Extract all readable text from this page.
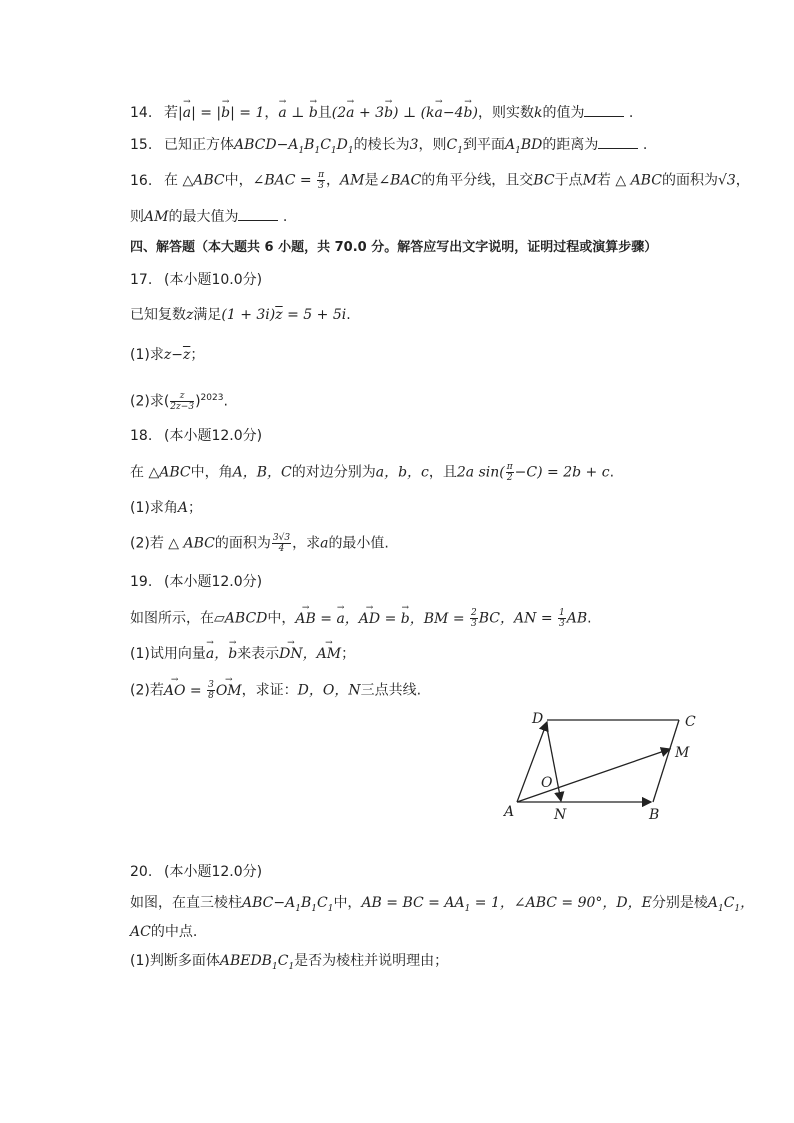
14. 若|→ a| = |→ b| = 1，→ a ⊥ → b且(2→ a + 3→ b) ⊥ (k→ a−4→ b)，则实数k的值为	.
15. 已知正方体$ABCD-A_1B_1C_1D_1$的棱长为3，则$C_1$到平面$A_1BD$的距离为	.
16. 在 △ABC中，∠BAC = $\frac{\pi}{3}$ ，AM是∠BAC的角平分线，且交BC于点M若 △ ABC的面积为√3，
则AM的最大值为	.
四、解答题（本大题共 6 小题，共 70.0 分。解答应写出文字说明，证明过程或演算步骤）
17. (本小题10.0分)
已知复数z满足$(1 + 3i)\overline{z} = 5 + 5i$.
(1)求$z-\overline{z}$；
(2)求( $\frac{z}{2\overline{z}-3} )^{2023}$.
18. (本小题12.0分)
在 △ABC中，角A，B，C的对边分别为a，b，c，且2a $\sin( \frac{\pi}{2} -C) = 2b + c$.
(1)求角A；
(2)若 △ ABC的面积为 $\frac{3√3}{4}$ ，求a的最小值.
19. (本小题12.0分)
如图所示，在▱ABCD中，→ AB = → a，→ AD = → b，BM = $\frac{2}{3}$ BC，AN = $\frac{1}{3}$ AB.
(1)试用向量→ a，→ b来表示→ DN，→ AM；
(2)若→ AO = $\frac{3}{8}$ → OM，求证：D，O，N三点共线.
D	C
M
O
A	N	B
20. (本小题12.0分)
如图，在直三棱柱$ABC-A_1B_1C_1$中，AB = BC = $AA_1 = 1$，∠ABC = 90°，D，E分别是棱$A_1C_1$，
AC的中点.
(1)判断多面体$ABEDB_1C_1$是否为棱柱并说明理由；
